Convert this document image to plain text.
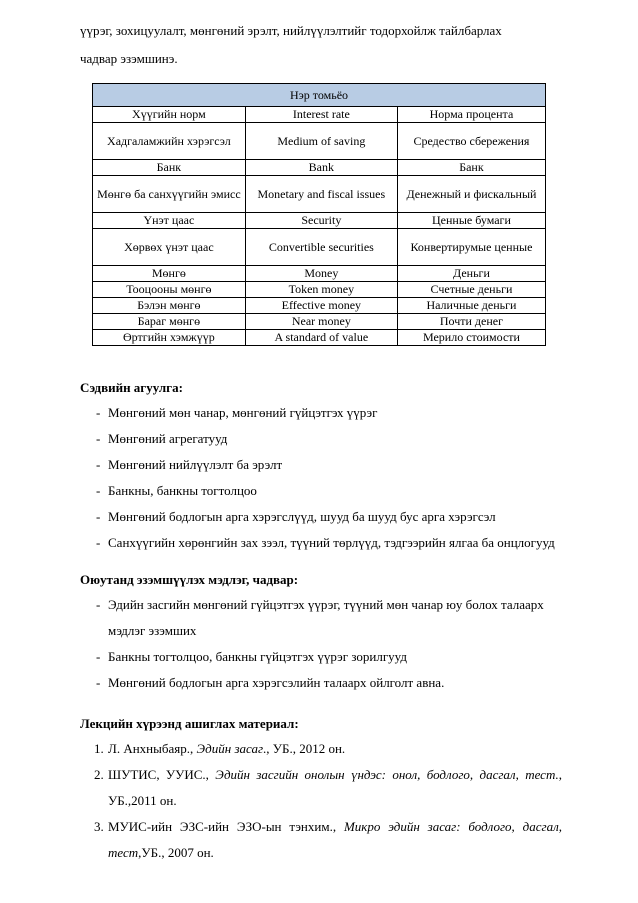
үүрэг, зохицуулалт, мөнгөний эрэлт, нийлүүлэлтийг тодорхойлж тайлбарлах
чадвар эзэмшинэ.

Нэр томьёо		
Хүүгийн норм	Interest rate	Норма процента
Хадгаламжийн хэрэгсэл	Medium of saving	Средество сбережения
Банк	Bank	Банк
Мөнгө ба санхүүгийн эмисс	Monetary and fiscal issues	Денежный и фискальный
Үнэт цаас	Security	Ценные бумаги
Хөрвөх үнэт цаас	Convertible securities	Конвертирумые ценные
Мөнгө	Money	Деньги
Тооцооны мөнгө	Token money	Счетные деньги
Бэлэн мөнгө	Effective money	Наличные деньги
Бараг мөнгө	Near money	Почти денег
Өртгийн хэмжүүр	A standard of value	Мерило стоимости

Сэдвийн агуулга:

- Мөнгөний мөн чанар, мөнгөний гүйцэтгэх үүрэг
- Мөнгөний агрегатууд
- Мөнгөний нийлүүлэлт ба эрэлт
- Банкны, банкны тогтолцоо
- Мөнгөний бодлогын арга хэрэгслүүд, шууд ба шууд бус арга хэрэгсэл
- Санхүүгийн хөрөнгийн зах зээл, түүний төрлүүд, тэдгээрийн ялгаа ба онцлогууд

Оюутанд эзэмшүүлэх мэдлэг, чадвар:

- Эдийн засгийн мөнгөний гүйцэтгэх үүрэг, түүний мөн чанар юу болох талаарх мэдлэг эзэмших
- Банкны тогтолцоо, банкны гүйцэтгэх үүрэг зорилгууд
- Мөнгөний бодлогын арга хэрэгсэлийн талаарх ойлголт авна.

Лекцийн хүрээнд ашиглах материал:

1. Л. Анхныбаяр., Эдийн засаг., УБ., 2012 он.
2. ШУТИС, УУИС., Эдийн засгийн онолын үндэс: онол, бодлого, дасгал, тест., УБ.,2011 он.
3. МУИС-ийн ЭЗС-ийн ЭЗО-ын тэнхим., Микро эдийн засаг: бодлого, дасгал, тест,УБ., 2007 он.
